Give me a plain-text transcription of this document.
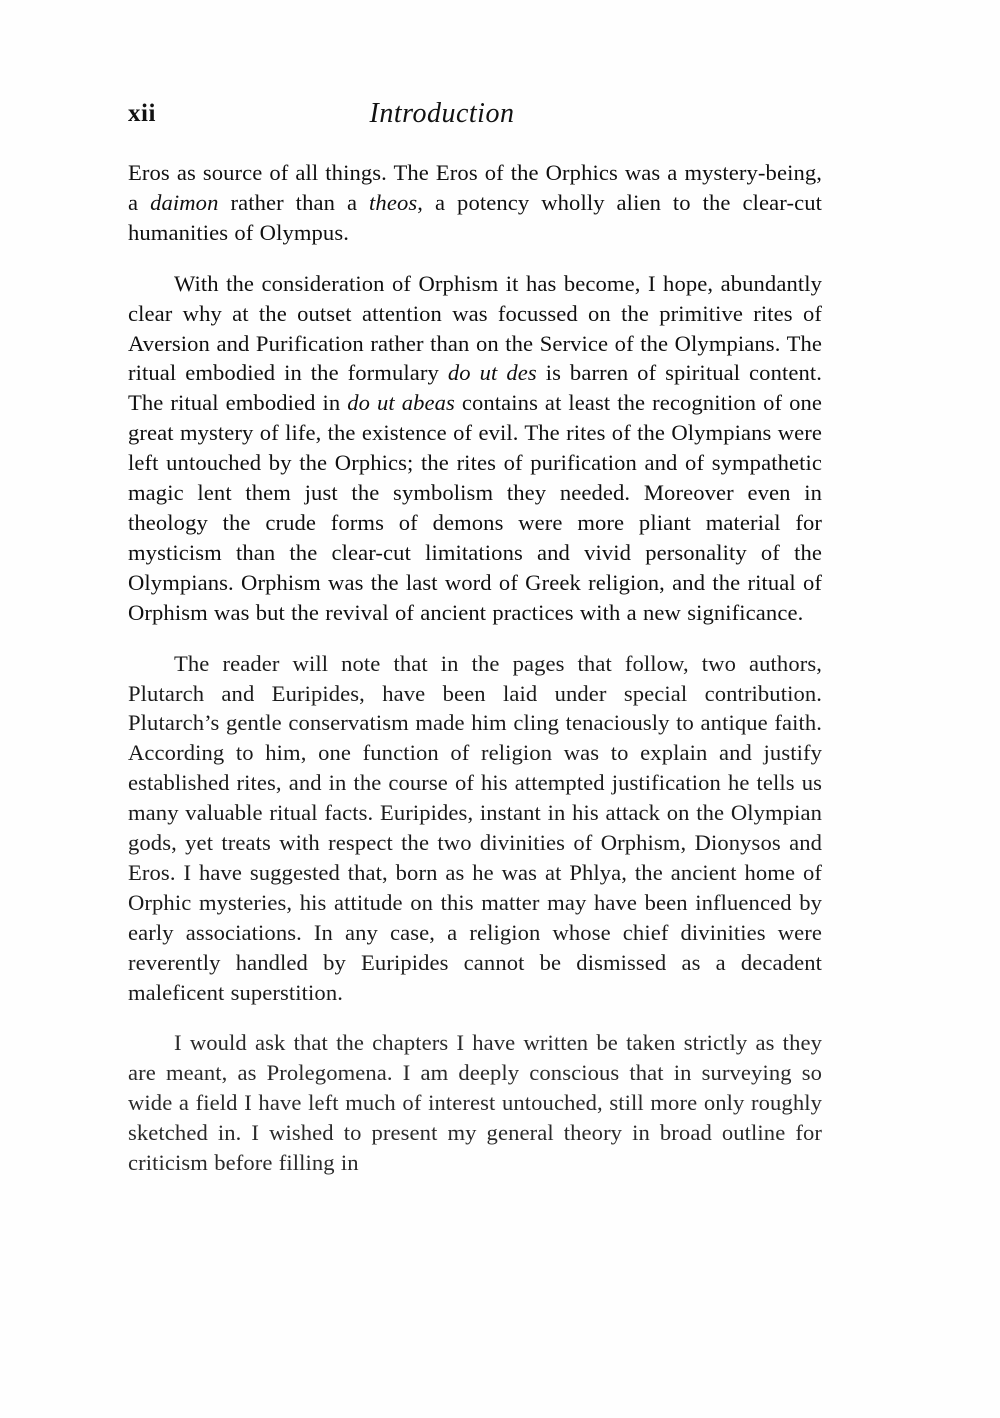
xii	Introduction

Eros as source of all things. The Eros of the Orphics was a mystery-being, a daimon rather than a theos, a potency wholly alien to the clear-cut humanities of Olympus.

With the consideration of Orphism it has become, I hope, abundantly clear why at the outset attention was focussed on the primitive rites of Aversion and Purification rather than on the Service of the Olympians. The ritual embodied in the formulary do ut des is barren of spiritual content. The ritual embodied in do ut abeas contains at least the recognition of one great mystery of life, the existence of evil. The rites of the Olympians were left untouched by the Orphics; the rites of purification and of sympathetic magic lent them just the symbolism they needed. Moreover even in theology the crude forms of demons were more pliant material for mysticism than the clear-cut limitations and vivid personality of the Olympians. Orphism was the last word of Greek religion, and the ritual of Orphism was but the revival of ancient practices with a new significance.

The reader will note that in the pages that follow, two authors, Plutarch and Euripides, have been laid under special contribution. Plutarch’s gentle conservatism made him cling tenaciously to antique faith. According to him, one function of religion was to explain and justify established rites, and in the course of his attempted justification he tells us many valuable ritual facts. Euripides, instant in his attack on the Olympian gods, yet treats with respect the two divinities of Orphism, Dionysos and Eros. I have suggested that, born as he was at Phlya, the ancient home of Orphic mysteries, his attitude on this matter may have been influenced by early associations. In any case, a religion whose chief divinities were reverently handled by Euripides cannot be dismissed as a decadent maleficent superstition.

I would ask that the chapters I have written be taken strictly as they are meant, as Prolegomena. I am deeply conscious that in surveying so wide a field I have left much of interest untouched, still more only roughly sketched in. I wished to present my general theory in broad outline for criticism before filling in
